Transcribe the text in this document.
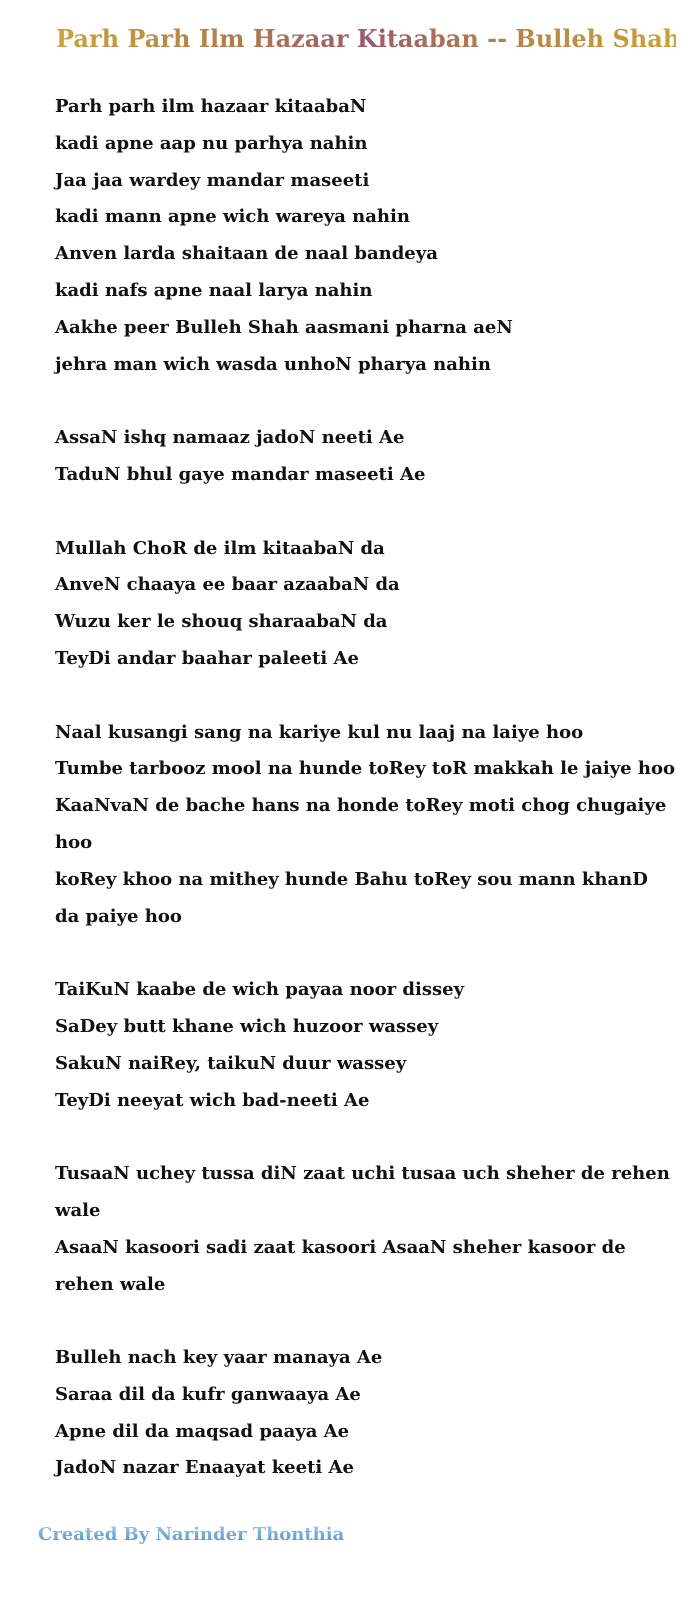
Parh Parh Ilm Hazaar Kitaaban -- Bulleh Shah
Parh parh ilm hazaar kitaabaN
kadi apne aap nu parhya nahin
Jaa jaa wardey mandar maseeti
kadi mann apne wich wareya nahin
Anven larda shaitaan de naal bandeya
kadi nafs apne naal larya nahin
Aakhe peer Bulleh Shah aasmani pharna aeN
jehra man wich wasda unhoN pharya nahin
AssaN ishq namaaz jadoN neeti Ae
TaduN bhul gaye mandar maseeti Ae
Mullah ChoR de ilm kitaabaN da
AnveN chaaya ee baar azaabaN da
Wuzu ker le shouq sharaabaN da
TeyDi andar baahar paleeti Ae
Naal kusangi sang na kariye kul nu laaj na laiye hoo
Tumbe tarbooz mool na hunde toRey toR makkah le jaiye hoo
KaaNvaN de bache hans na honde toRey moti chog chugaiye hoo
koRey khoo na mithey hunde Bahu toRey sou mann khanD da paiye hoo
TaiKuN kaabe de wich payaa noor dissey
SaDey butt khane wich huzoor wassey
SakuN naiRey, taikuN duur wassey
TeyDi neeyat wich bad-neeti Ae
TusaaN uchey tussa diN zaat uchi tusaa uch sheher de rehen wale
AsaaN kasoori sadi zaat kasoori AsaaN sheher kasoor de rehen wale
Bulleh nach key yaar manaya Ae
Saraa dil da kufr ganwaaya Ae
Apne dil da maqsad paaya Ae
JadoN nazar Enaayat keeti Ae
Created By Narinder Thonthia
